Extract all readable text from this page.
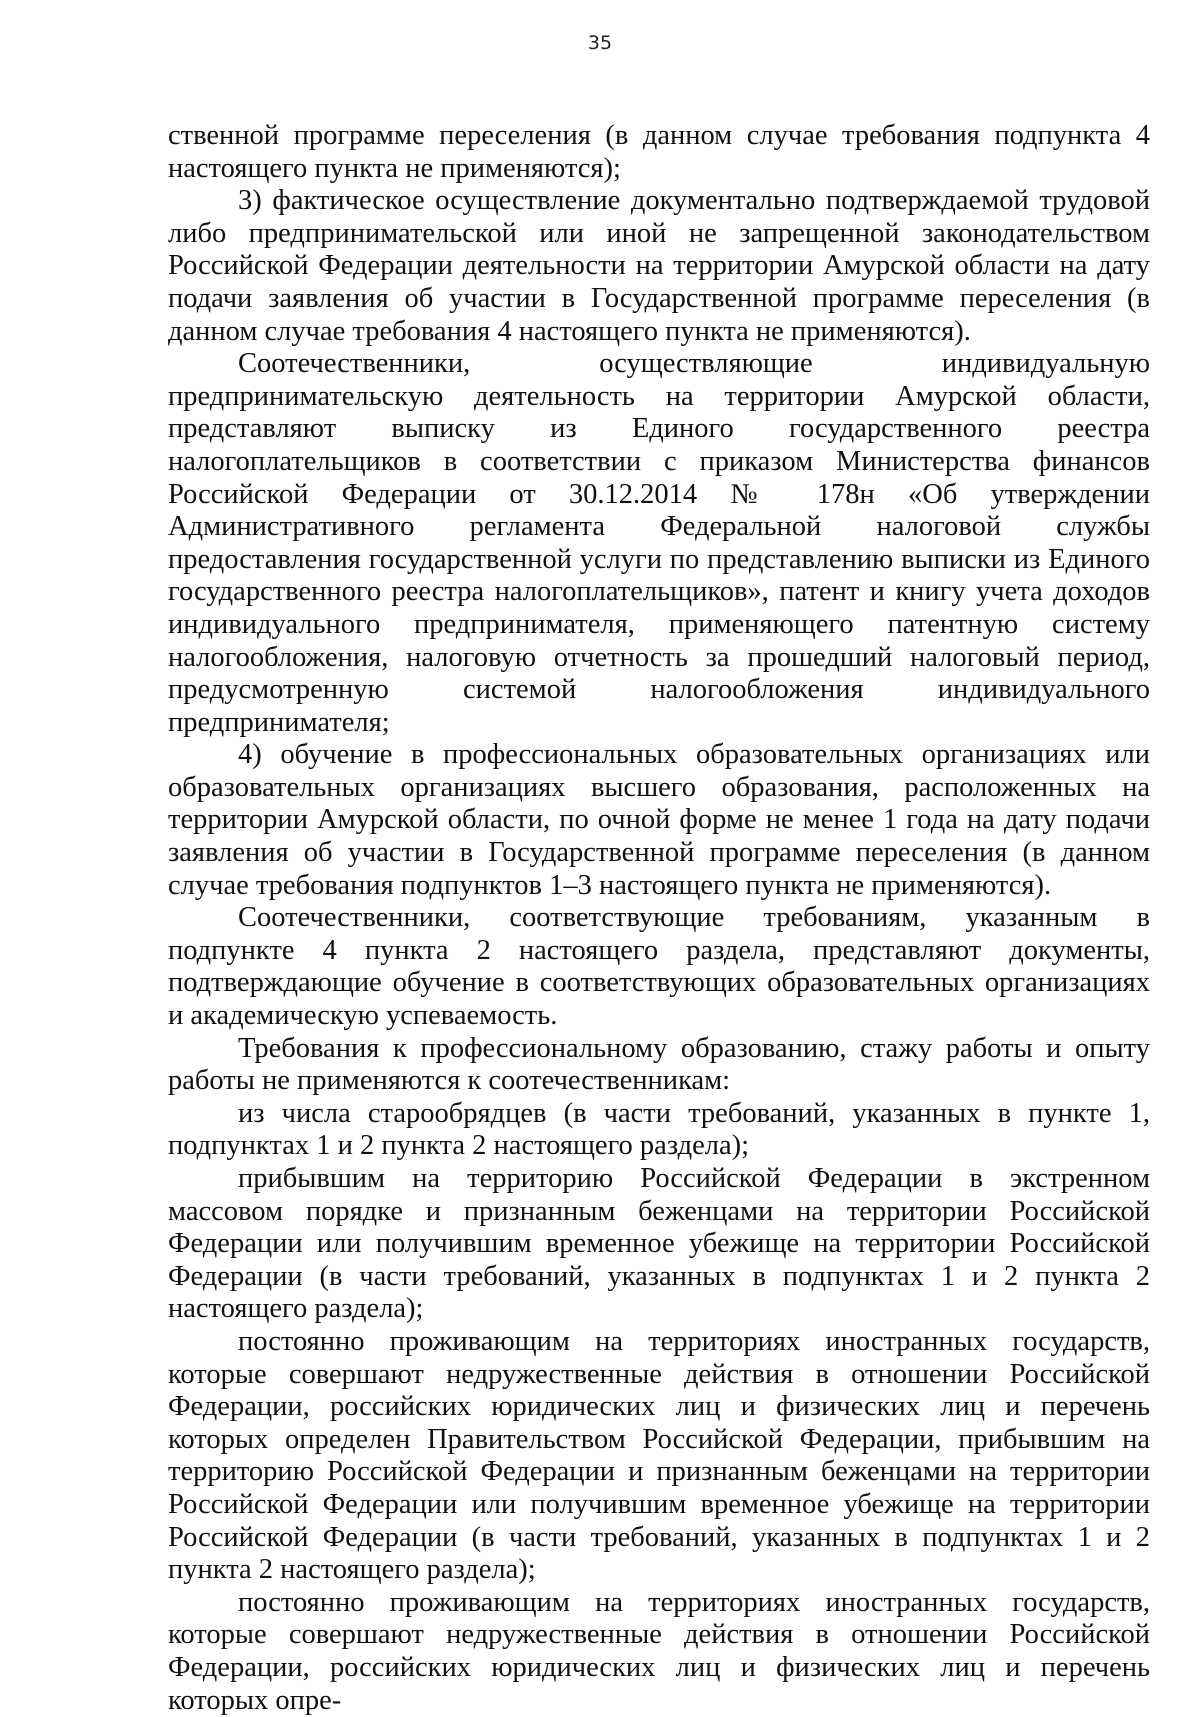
35

ственной программе переселения (в данном случае требования подпункта 4 настоящего пункта не применяются);

3) фактическое осуществление документально подтверждаемой трудовой либо предпринимательской или иной не запрещенной законодательством Российской Федерации деятельности на территории Амурской области на дату подачи заявления об участии в Государственной программе переселения (в данном случае требования 4 настоящего пункта не применяются).

Соотечественники, осуществляющие индивидуальную предпринимательскую деятельность на территории Амурской области, представляют выписку из Единого государственного реестра налогоплательщиков в соответствии с приказом Министерства финансов Российской Федерации от 30.12.2014 № 178н «Об утверждении Административного регламента Федеральной налоговой службы предоставления государственной услуги по представлению выписки из Единого государственного реестра налогоплательщиков», патент и книгу учета доходов индивидуального предпринимателя, применяющего патентную систему налогообложения, налоговую отчетность за прошедший налоговый период, предусмотренную системой налогообложения индивидуального предпринимателя;

4) обучение в профессиональных образовательных организациях или образовательных организациях высшего образования, расположенных на территории Амурской области, по очной форме не менее 1 года на дату подачи заявления об участии в Государственной программе переселения (в данном случае требования подпунктов 1–3 настоящего пункта не применяются).

Соотечественники, соответствующие требованиям, указанным в подпункте 4 пункта 2 настоящего раздела, представляют документы, подтверждающие обучение в соответствующих образовательных организациях и академическую успеваемость.

Требования к профессиональному образованию, стажу работы и опыту работы не применяются к соотечественникам:

из числа старообрядцев (в части требований, указанных в пункте 1, подпунктах 1 и 2 пункта 2 настоящего раздела);

прибывшим на территорию Российской Федерации в экстренном массовом порядке и признанным беженцами на территории Российской Федерации или получившим временное убежище на территории Российской Федерации (в части требований, указанных в подпунктах 1 и 2 пункта 2 настоящего раздела);

постоянно проживающим на территориях иностранных государств, которые совершают недружественные действия в отношении Российской Федерации, российских юридических лиц и физических лиц и перечень которых определен Правительством Российской Федерации, прибывшим на территорию Российской Федерации и признанным беженцами на территории Российской Федерации или получившим временное убежище на территории Российской Федерации (в части требований, указанных в подпунктах 1 и 2 пункта 2 настоящего раздела);

постоянно проживающим на территориях иностранных государств, которые совершают недружественные действия в отношении Российской Федерации, российских юридических лиц и физических лиц и перечень которых опре-
